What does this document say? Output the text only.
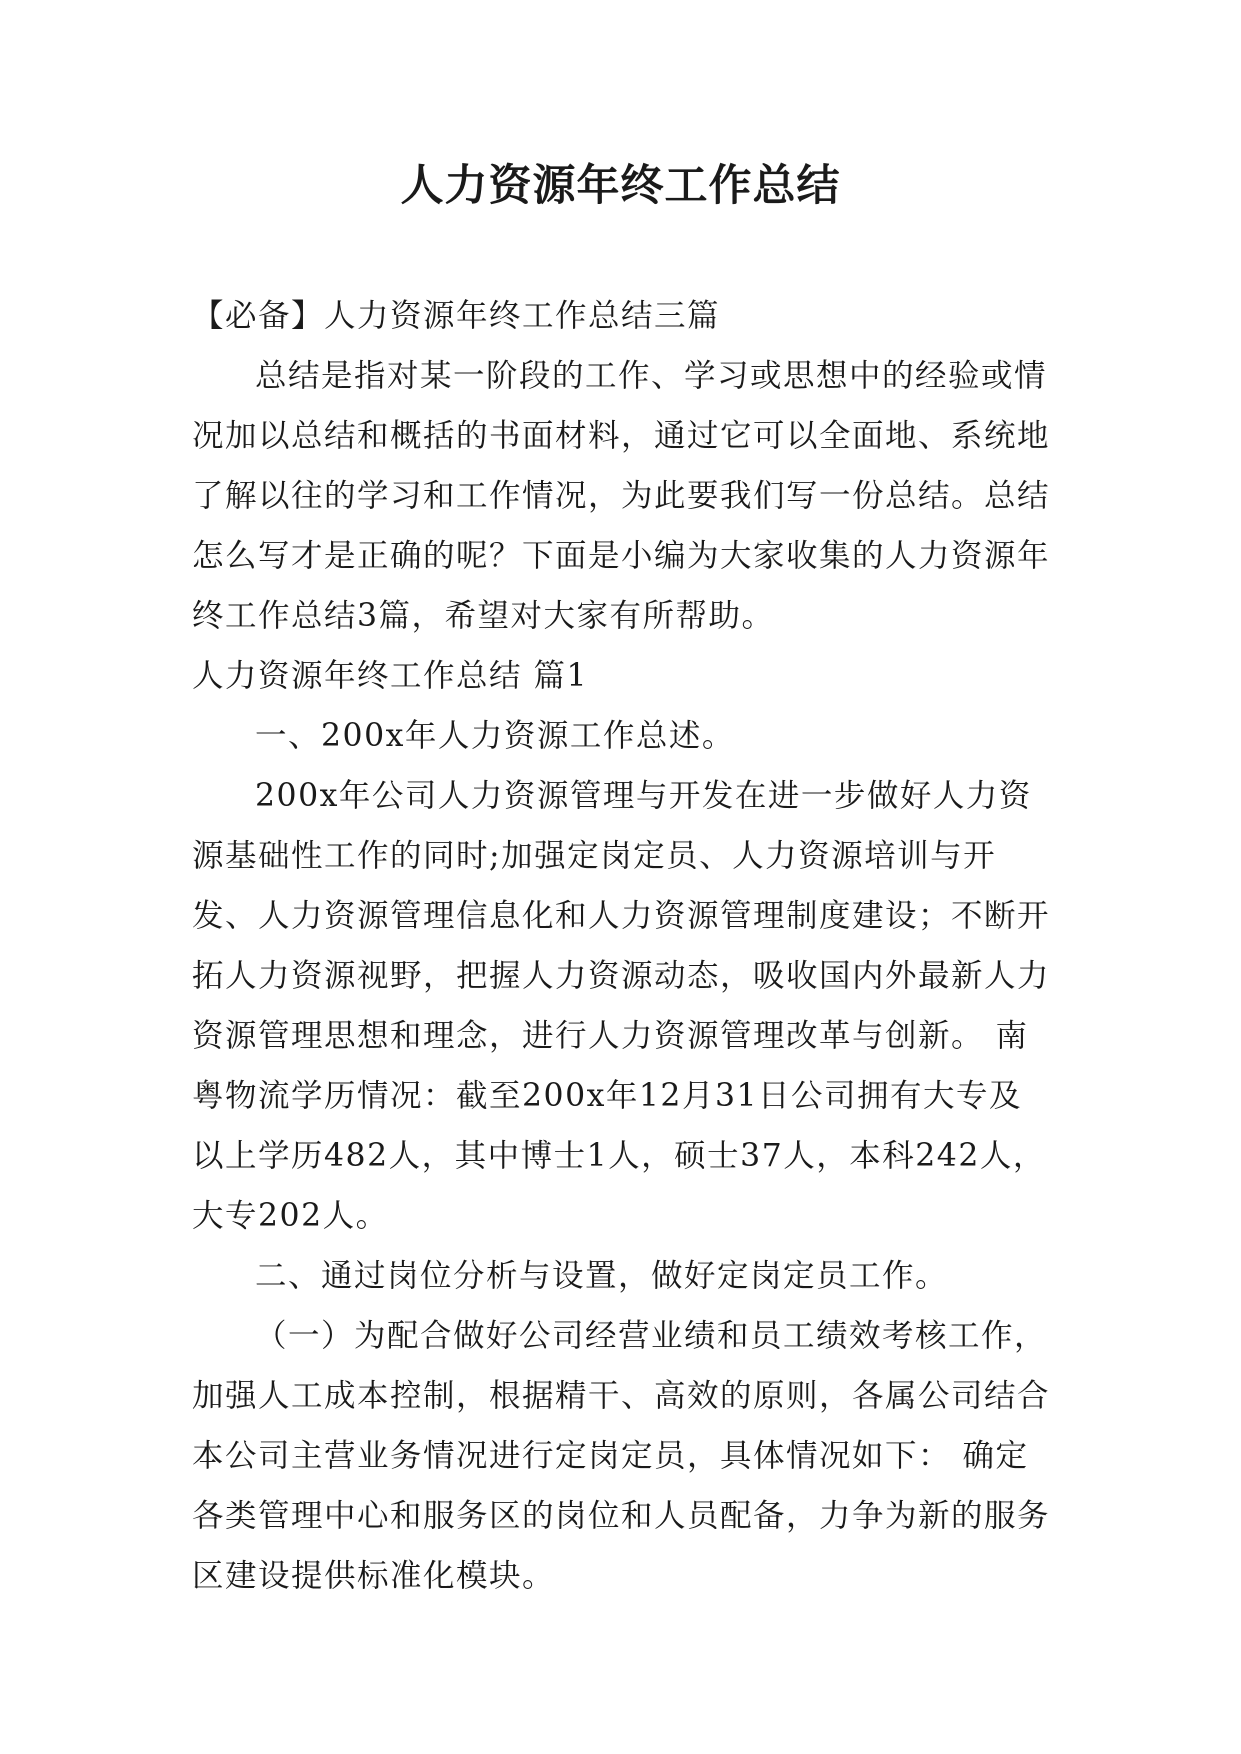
人力资源年终工作总结

【必备】人力资源年终工作总结三篇

总结是指对某一阶段的工作、学习或思想中的经验或情况加以总结和概括的书面材料，通过它可以全面地、系统地了解以往的学习和工作情况，为此要我们写一份总结。总结怎么写才是正确的呢？下面是小编为大家收集的人力资源年终工作总结3篇，希望对大家有所帮助。

人力资源年终工作总结 篇1

一、200x年人力资源工作总述。

200x年公司人力资源管理与开发在进一步做好人力资源基础性工作的同时;加强定岗定员、人力资源培训与开发、人力资源管理信息化和人力资源管理制度建设；不断开拓人力资源视野，把握人力资源动态，吸收国内外最新人力资源管理思想和理念，进行人力资源管理改革与创新。 南粤物流学历情况：截至200x年12月31日公司拥有大专及以上学历482人，其中博士1人，硕士37人，本科242人，大专202人。

二、通过岗位分析与设置，做好定岗定员工作。

（一）为配合做好公司经营业绩和员工绩效考核工作，加强人工成本控制，根据精干、高效的原则，各属公司结合本公司主营业务情况进行定岗定员，具体情况如下： 确定各类管理中心和服务区的岗位和人员配备，力争为新的服务区建设提供标准化模块。
